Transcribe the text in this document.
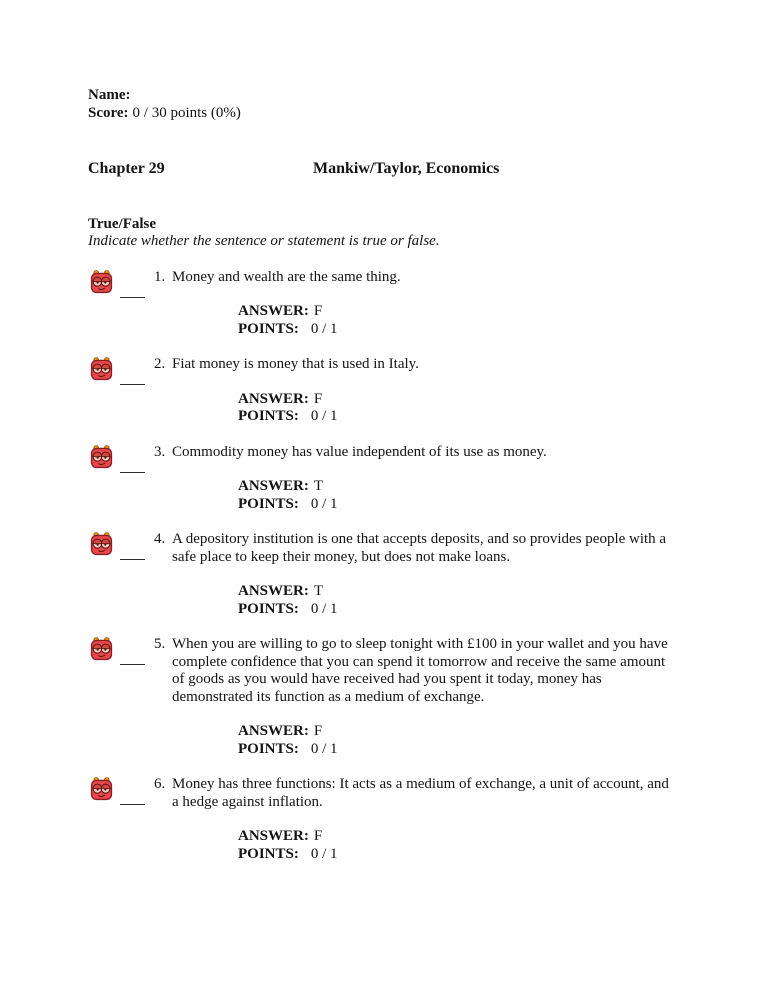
Name:
Score: 0 / 30 points (0%)
Chapter 29	Mankiw/Taylor, Economics
True/False
Indicate whether the sentence or statement is true or false.
1. Money and wealth are the same thing.
ANSWER: F
POINTS: 0 / 1
2. Fiat money is money that is used in Italy.
ANSWER: F
POINTS: 0 / 1
3. Commodity money has value independent of its use as money.
ANSWER: T
POINTS: 0 / 1
4. A depository institution is one that accepts deposits, and so provides people with a safe place to keep their money, but does not make loans.
ANSWER: T
POINTS: 0 / 1
5. When you are willing to go to sleep tonight with £100 in your wallet and you have complete confidence that you can spend it tomorrow and receive the same amount of goods as you would have received had you spent it today, money has demonstrated its function as a medium of exchange.
ANSWER: F
POINTS: 0 / 1
6. Money has three functions: It acts as a medium of exchange, a unit of account, and a hedge against inflation.
ANSWER: F
POINTS: 0 / 1
